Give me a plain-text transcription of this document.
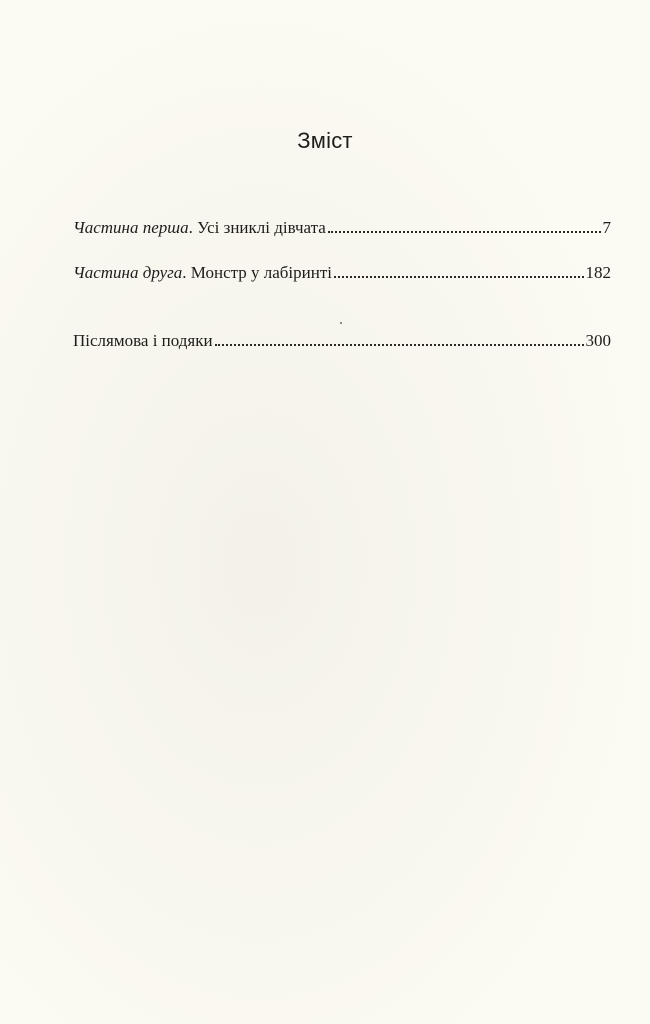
Зміст
Частина перша. Усі зниклі дівчата	7
Частина друга. Монстр у лабіринті	182
Післямова і подяки	300
